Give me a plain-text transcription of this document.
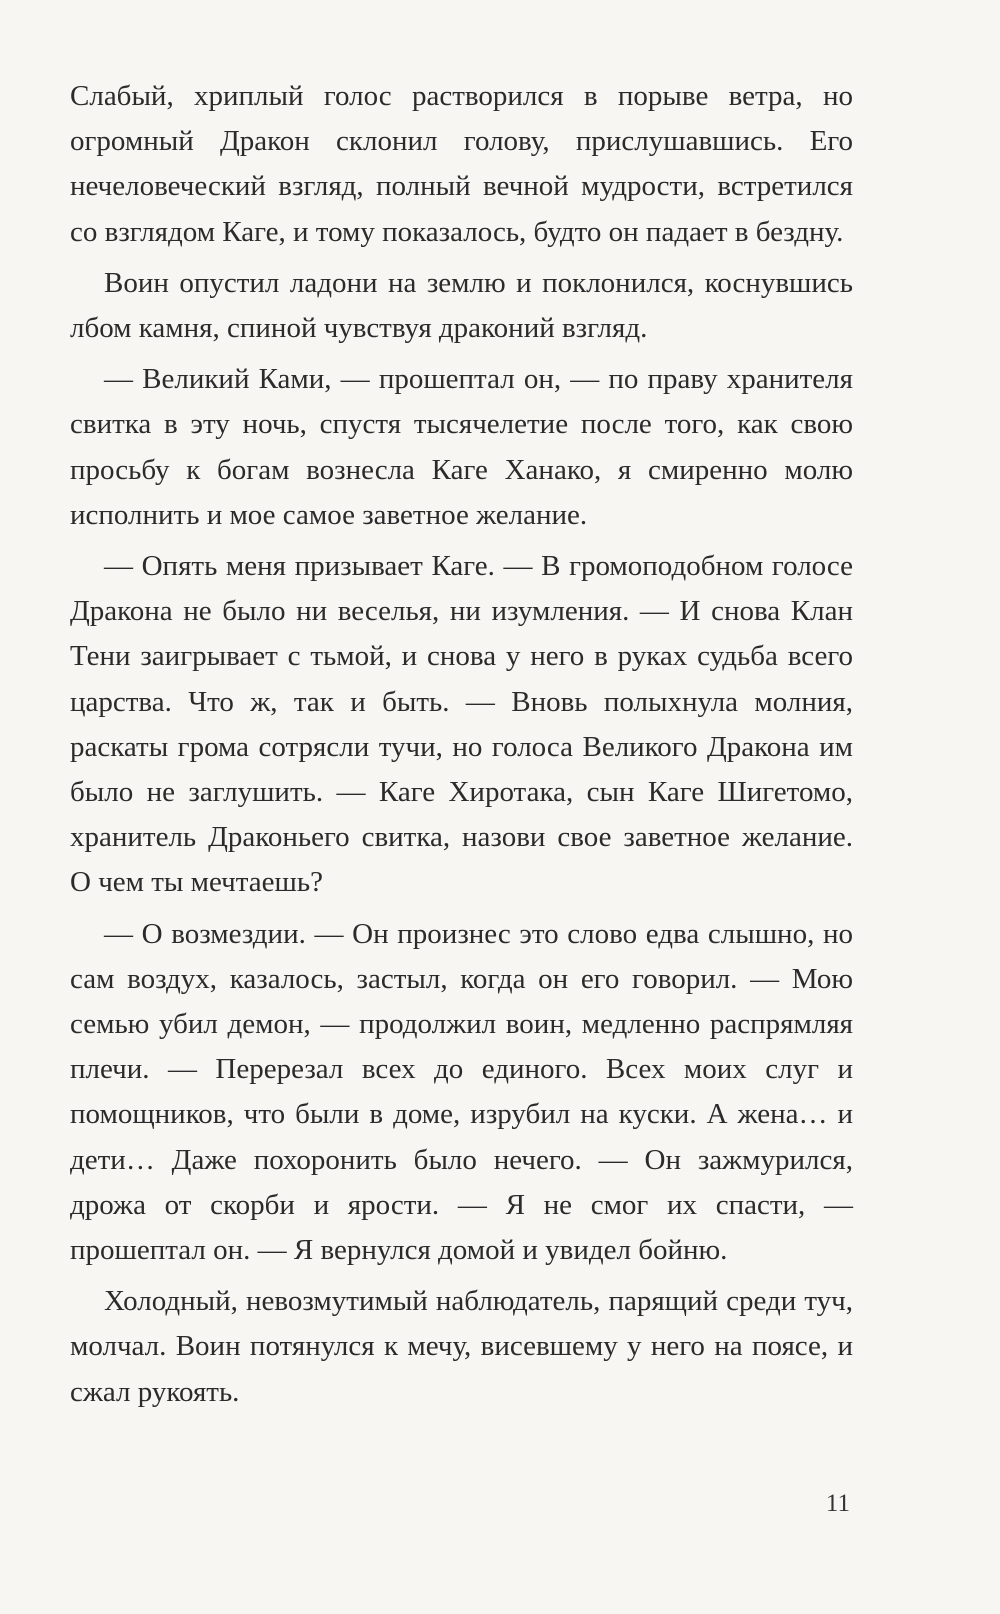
Слабый, хриплый голос растворился в порыве ветра, но огромный Дракон склонил голову, прислушавшись. Его нечеловеческий взгляд, полный вечной мудрости, встретился со взглядом Каге, и тому показалось, будто он падает в бездну.

Воин опустил ладони на землю и поклонился, коснувшись лбом камня, спиной чувствуя драконий взгляд.

— Великий Ками, — прошептал он, — по праву хранителя свитка в эту ночь, спустя тысячелетие после того, как свою просьбу к богам вознесла Каге Ханако, я смиренно молю исполнить и мое самое заветное желание.

— Опять меня призывает Каге. — В громоподобном голосе Дракона не было ни веселья, ни изумления. — И снова Клан Тени заигрывает с тьмой, и снова у него в руках судьба всего царства. Что ж, так и быть. — Вновь полыхнула молния, раскаты грома сотрясли тучи, но голоса Великого Дракона им было не заглушить. — Каге Хиротака, сын Каге Шигетомо, хранитель Драконьего свитка, назови свое заветное желание. О чем ты мечтаешь?

— О возмездии. — Он произнес это слово едва слышно, но сам воздух, казалось, застыл, когда он его говорил. — Мою семью убил демон, — продолжил воин, медленно распрямляя плечи. — Перерезал всех до единого. Всех моих слуг и помощников, что были в доме, изрубил на куски. А жена… и дети… Даже похоронить было нечего. — Он зажмурился, дрожа от скорби и ярости. — Я не смог их спасти, — прошептал он. — Я вернулся домой и увидел бойню.

Холодный, невозмутимый наблюдатель, парящий среди туч, молчал. Воин потянулся к мечу, висевшему у него на поясе, и сжал рукоять.

11
